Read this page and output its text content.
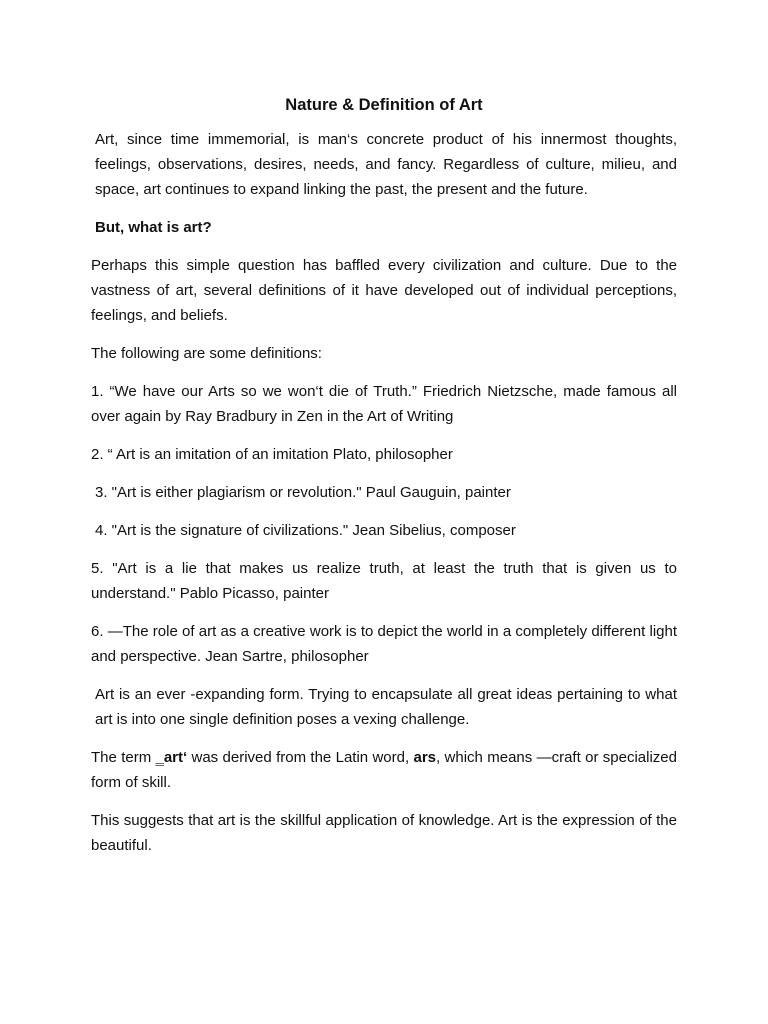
Nature & Definition of Art

Art, since time immemorial, is man‘s concrete product of his innermost thoughts, feelings, observations, desires, needs, and fancy. Regardless of culture, milieu, and space, art continues to expand linking the past, the present and the future.

But, what is art?

Perhaps this simple question has baffled every civilization and culture. Due to the vastness of art, several definitions of it have developed out of individual perceptions, feelings, and beliefs.

The following are some definitions:

1. “We have our Arts so we won‘t die of Truth.” Friedrich Nietzsche, made famous all over again by Ray Bradbury in Zen in the Art of Writing

2. “ Art is an imitation of an imitation Plato, philosopher

3. "Art is either plagiarism or revolution." Paul Gauguin, painter

4. "Art is the signature of civilizations." Jean Sibelius, composer

5. "Art is a lie that makes us realize truth, at least the truth that is given us to understand." Pablo Picasso, painter

6. ―The role of art as a creative work is to depict the world in a completely different light and perspective. Jean Sartre, philosopher

Art is an ever -expanding form. Trying to encapsulate all great ideas pertaining to what art is into one single definition poses a vexing challenge.

The term ‗art‘ was derived from the Latin word, ars, which means ―craft or specialized form of skill.

This suggests that art is the skillful application of knowledge. Art is the expression of the beautiful.
